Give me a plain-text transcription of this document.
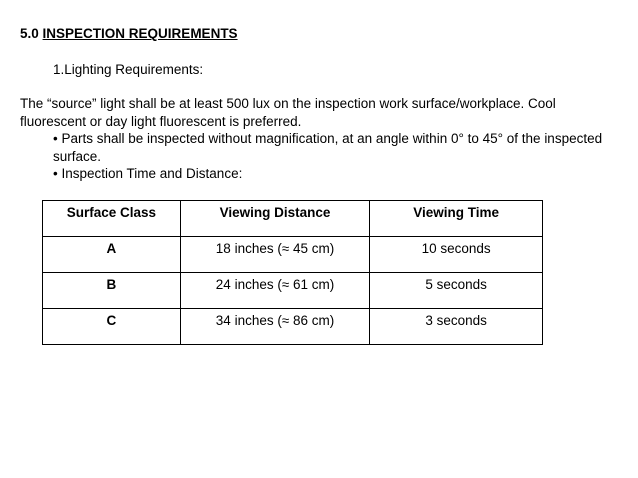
5.0 INSPECTION REQUIREMENTS
1.Lighting Requirements:
The “source” light shall be at least 500 lux on the inspection work surface/workplace. Cool fluorescent or day light fluorescent is preferred.
• Parts shall be inspected without magnification, at an angle within 0° to 45° of the inspected surface.
• Inspection Time and Distance:
Surface Class	Viewing Distance	Viewing Time
A	18 inches (≈ 45 cm)	10 seconds
B	24 inches (≈ 61 cm)	5 seconds
C	34 inches (≈ 86 cm)	3 seconds
